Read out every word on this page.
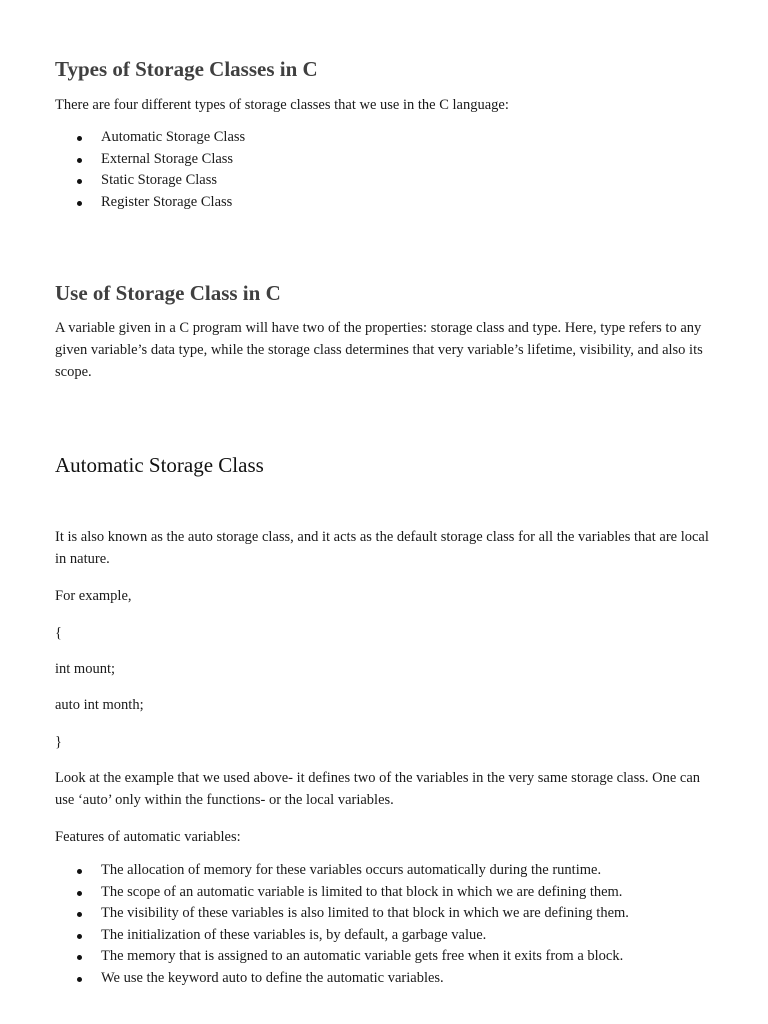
Types of Storage Classes in C

There are four different types of storage classes that we use in the C language:

Automatic Storage Class
External Storage Class
Static Storage Class
Register Storage Class
Use of Storage Class in C

A variable given in a C program will have two of the properties: storage class and type. Here, type refers to any given variable’s data type, while the storage class determines that very variable’s lifetime, visibility, and also its scope.

Automatic Storage Class

It is also known as the auto storage class, and it acts as the default storage class for all the variables that are local in nature.

For example,

{

int mount;

auto int month;

}

Look at the example that we used above- it defines two of the variables in the very same storage class. One can use ‘auto’ only within the functions- or the local variables.

Features of automatic variables:

The allocation of memory for these variables occurs automatically during the runtime.
The scope of an automatic variable is limited to that block in which we are defining them.
The visibility of these variables is also limited to that block in which we are defining them.
The initialization of these variables is, by default, a garbage value.
The memory that is assigned to an automatic variable gets free when it exits from a block.
We use the keyword auto to define the automatic variables.
